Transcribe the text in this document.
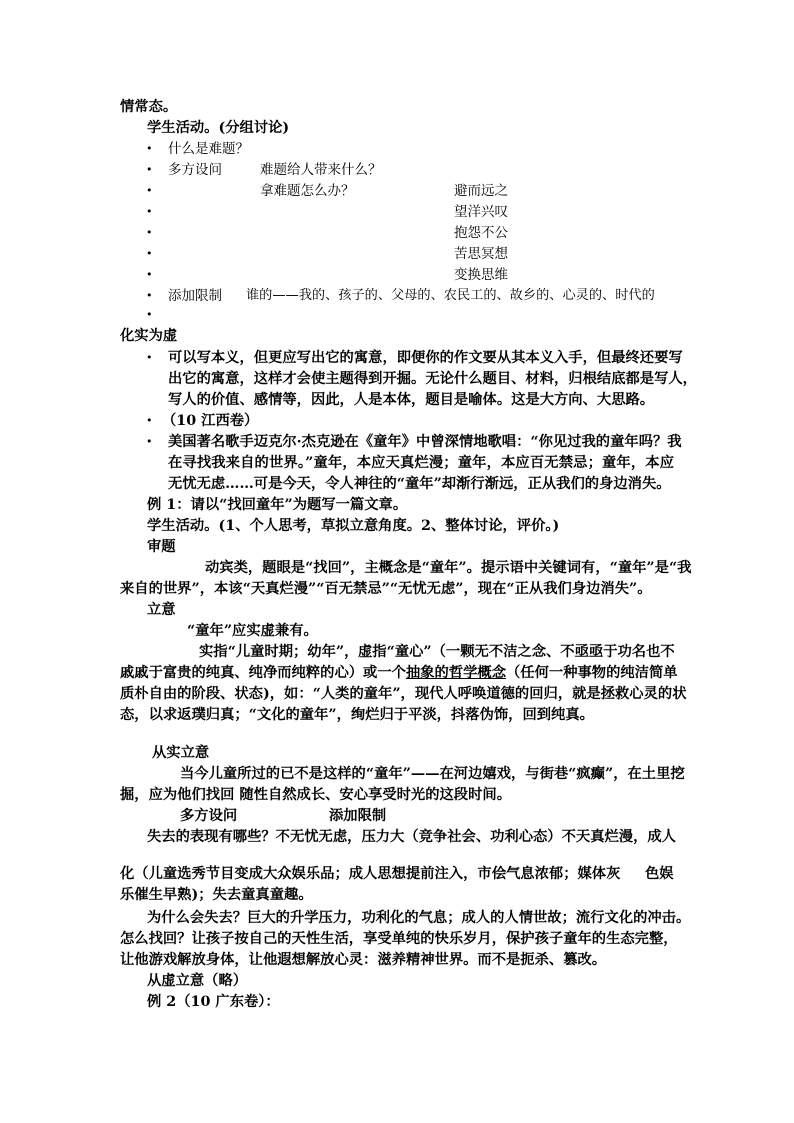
情常态。
学生活动。(分组讨论)
• 什么是难题？
• 多方设问	难题给人带来什么？
•	拿难题怎么办？	避而远之
•	望洋兴叹
•	抱怨不公
•	苦思冥想
•	变换思维
• 添加限制 谁的——我的、孩子的、父母的、农民工的、故乡的、心灵的、时代的
•
化实为虚
• 可以写本义，但更应写出它的寓意，即便你的作文要从其本义入手，但最终还要写
出它的寓意，这样才会使主题得到开掘。无论什么题目、材料，归根结底都是写人，
写人的价值、感情等，因此，人是本体，题目是喻体。这是大方向、大思路。
• （10 江西卷）
• 美国著名歌手迈克尔·杰克逊在《童年》中曾深情地歌唱：“你见过我的童年吗？我
在寻找我来自的世界。”童年，本应天真烂漫；童年，本应百无禁忌；童年，本应
无忧无虑……可是今天，令人神往的“童年”却渐行渐远，正从我们的身边消失。
例 1：请以“找回童年”为题写一篇文章。
学生活动。(1、个人思考，草拟立意角度。2、整体讨论，评价。)
审题
动宾类，题眼是“找回”，主概念是“童年”。提示语中关键词有，“童年”是“我
来自的世界”，本该“天真烂漫”“百无禁忌”“无忧无虑”，现在“正从我们身边消失”。
立意
“童年”应实虚兼有。
实指“儿童时期；幼年”， 虚指“童心”（一颗无不洁之念、不亟亟于功名也不
戚戚于富贵的纯真、纯净而纯粹的心）或一个抽象的哲学概念（任何一种事物的纯洁简单
质朴自由的阶段、状态)，如：“人类的童年”，现代人呼唤道德的回归，就是拯救心灵的状
态，以求返璞归真；“文化的童年”，绚烂归于平淡，抖落伪饰，回到纯真。
从实立意
当今儿童所过的已不是这样的“童年”——在河边嬉戏，与街巷“疯癫”，在土里挖
掘，应为他们找回 随性自然成长、安心享受时光的这段时间。
多方设问	添加限制
失去的表现有哪些？不无忧无虑，压力大（竞争社会、功利心态）不天真烂漫，成人
化（儿童选秀节目变成大众娱乐品；成人思想提前注入，市侩气息浓郁；媒体灰 色娱
乐催生早熟)；失去童真童趣。
为什么会失去？巨大的升学压力，功利化的气息；成人的人情世故；流行文化的冲击。
怎么找回？让孩子按自己的天性生活，享受单纯的快乐岁月，保护孩子童年的生态完整，
让他游戏解放身体，让他遐想解放心灵：滋养精神世界。而不是扼杀、篡改。
从虚立意（略）
例 2（10 广东卷）：
